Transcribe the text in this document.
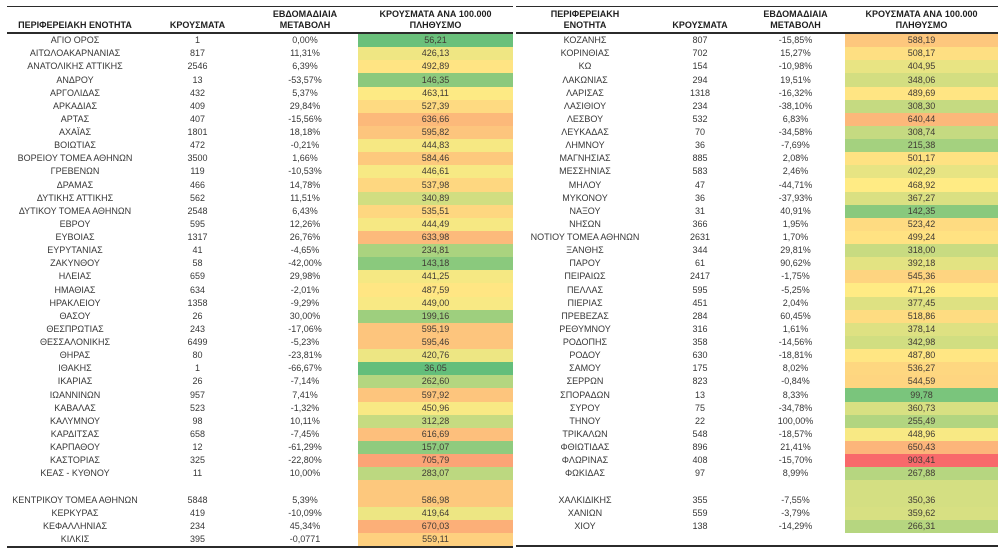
ΠΕΡΙΦΕΡΕΙΑΚΗ ΕΝΟΤΗΤΑ	ΚΡΟΥΣΜΑΤΑ	ΕΒΔΟΜΑΔΙΑΙΑ ΜΕΤΑΒΟΛΗ	ΚΡΟΥΣΜΑΤΑ ΑΝΑ 100.000 ΠΛΗΘΥΣΜΟ
ΑΓΙΟ ΟΡΟΣ	1	0,00%	56,21
ΑΙΤΩΛΟΑΚΑΡΝΑΝΙΑΣ	817	11,31%	426,13
ΑΝΑΤΟΛΙΚΗΣ ΑΤΤΙΚΗΣ	2546	6,39%	492,89
ΑΝΔΡΟΥ	13	-53,57%	146,35
ΑΡΓΟΛΙΔΑΣ	432	5,37%	463,11
ΑΡΚΑΔΙΑΣ	409	29,84%	527,39
ΑΡΤΑΣ	407	-15,56%	636,66
ΑΧΑΪΑΣ	1801	18,18%	595,82
ΒΟΙΩΤΙΑΣ	472	-0,21%	444,83
ΒΟΡΕΙΟΥ ΤΟΜΕΑ ΑΘΗΝΩΝ	3500	1,66%	584,46
ΓΡΕΒΕΝΩΝ	119	-10,53%	446,61
ΔΡΑΜΑΣ	466	14,78%	537,98
ΔΥΤΙΚΗΣ ΑΤΤΙΚΗΣ	562	11,51%	340,89
ΔΥΤΙΚΟΥ ΤΟΜΕΑ ΑΘΗΝΩΝ	2548	6,43%	535,51
ΕΒΡΟΥ	595	12,26%	444,49
ΕΥΒΟΙΑΣ	1317	26,76%	633,98
ΕΥΡΥΤΑΝΙΑΣ	41	-4,65%	234,81
ΖΑΚΥΝΘΟΥ	58	-42,00%	143,18
ΗΛΕΙΑΣ	659	29,98%	441,25
ΗΜΑΘΙΑΣ	634	-2,01%	487,59
ΗΡΑΚΛΕΙΟΥ	1358	-9,29%	449,00
ΘΑΣΟΥ	26	30,00%	199,16
ΘΕΣΠΡΩΤΙΑΣ	243	-17,06%	595,19
ΘΕΣΣΑΛΟΝΙΚΗΣ	6499	-5,23%	595,46
ΘΗΡΑΣ	80	-23,81%	420,76
ΙΘΑΚΗΣ	1	-66,67%	36,05
ΙΚΑΡΙΑΣ	26	-7,14%	262,60
ΙΩΑΝΝΙΝΩΝ	957	7,41%	597,92
ΚΑΒΑΛΑΣ	523	-1,32%	450,96
ΚΑΛΥΜΝΟΥ	98	10,11%	312,28
ΚΑΡΔΙΤΣΑΣ	658	-7,45%	616,69
ΚΑΡΠΑΘΟΥ	12	-61,29%	157,07
ΚΑΣΤΟΡΙΑΣ	325	-22,80%	705,79
ΚΕΑΣ - ΚΥΘΝΟΥ	11	10,00%	283,07

ΚΕΝΤΡΙΚΟΥ ΤΟΜΕΑ ΑΘΗΝΩΝ	5848	5,39%	586,98
ΚΕΡΚΥΡΑΣ	419	-10,09%	419,64
ΚΕΦΑΛΛΗΝΙΑΣ	234	45,34%	670,03
ΚΙΛΚΙΣ	395	-0,0771	559,11
ΠΕΡΙΦΕΡΕΙΑΚΗ ΕΝΟΤΗΤΑ	ΚΡΟΥΣΜΑΤΑ	ΕΒΔΟΜΑΔΙΑΙΑ ΜΕΤΑΒΟΛΗ	ΚΡΟΥΣΜΑΤΑ ΑΝΑ 100.000 ΠΛΗΘΥΣΜΟ
ΚΟΖΑΝΗΣ	807	-15,85%	588,19
ΚΟΡΙΝΘΙΑΣ	702	15,27%	508,17
ΚΩ	154	-10,98%	404,95
ΛΑΚΩΝΙΑΣ	294	19,51%	348,06
ΛΑΡΙΣΑΣ	1318	-16,32%	489,69
ΛΑΣΙΘΙΟΥ	234	-38,10%	308,30
ΛΕΣΒΟΥ	532	6,83%	640,44
ΛΕΥΚΑΔΑΣ	70	-34,58%	308,74
ΛΗΜΝΟΥ	36	-7,69%	215,38
ΜΑΓΝΗΣΙΑΣ	885	2,08%	501,17
ΜΕΣΣΗΝΙΑΣ	583	2,46%	402,29
ΜΗΛΟΥ	47	-44,71%	468,92
ΜΥΚΟΝΟΥ	36	-37,93%	367,27
ΝΑΞΟΥ	31	40,91%	142,35
ΝΗΣΩΝ	366	1,95%	523,42
ΝΟΤΙΟΥ ΤΟΜΕΑ ΑΘΗΝΩΝ	2631	1,70%	499,24
ΞΑΝΘΗΣ	344	29,81%	318,00
ΠΑΡΟΥ	61	90,62%	392,18
ΠΕΙΡΑΙΩΣ	2417	-1,75%	545,36
ΠΕΛΛΑΣ	595	-5,25%	471,26
ΠΙΕΡΙΑΣ	451	2,04%	377,45
ΠΡΕΒΕΖΑΣ	284	60,45%	518,86
ΡΕΘΥΜΝΟΥ	316	1,61%	378,14
ΡΟΔΟΠΗΣ	358	-14,56%	342,98
ΡΟΔΟΥ	630	-18,81%	487,80
ΣΑΜΟΥ	175	8,02%	536,27
ΣΕΡΡΩΝ	823	-0,84%	544,59
ΣΠΟΡΑΔΩΝ	13	8,33%	99,78
ΣΥΡΟΥ	75	-34,78%	360,73
ΤΗΝΟΥ	22	100,00%	255,49
ΤΡΙΚΑΛΩΝ	548	-18,57%	448,96
ΦΘΙΩΤΙΔΑΣ	896	21,41%	650,43
ΦΛΩΡΙΝΑΣ	408	-15,70%	903,41
ΦΩΚΙΔΑΣ	97	8,99%	267,88

ΧΑΛΚΙΔΙΚΗΣ	355	-7,55%	350,36
ΧΑΝΙΩΝ	559	-3,79%	359,62
ΧΙΟΥ	138	-14,29%	266,31
